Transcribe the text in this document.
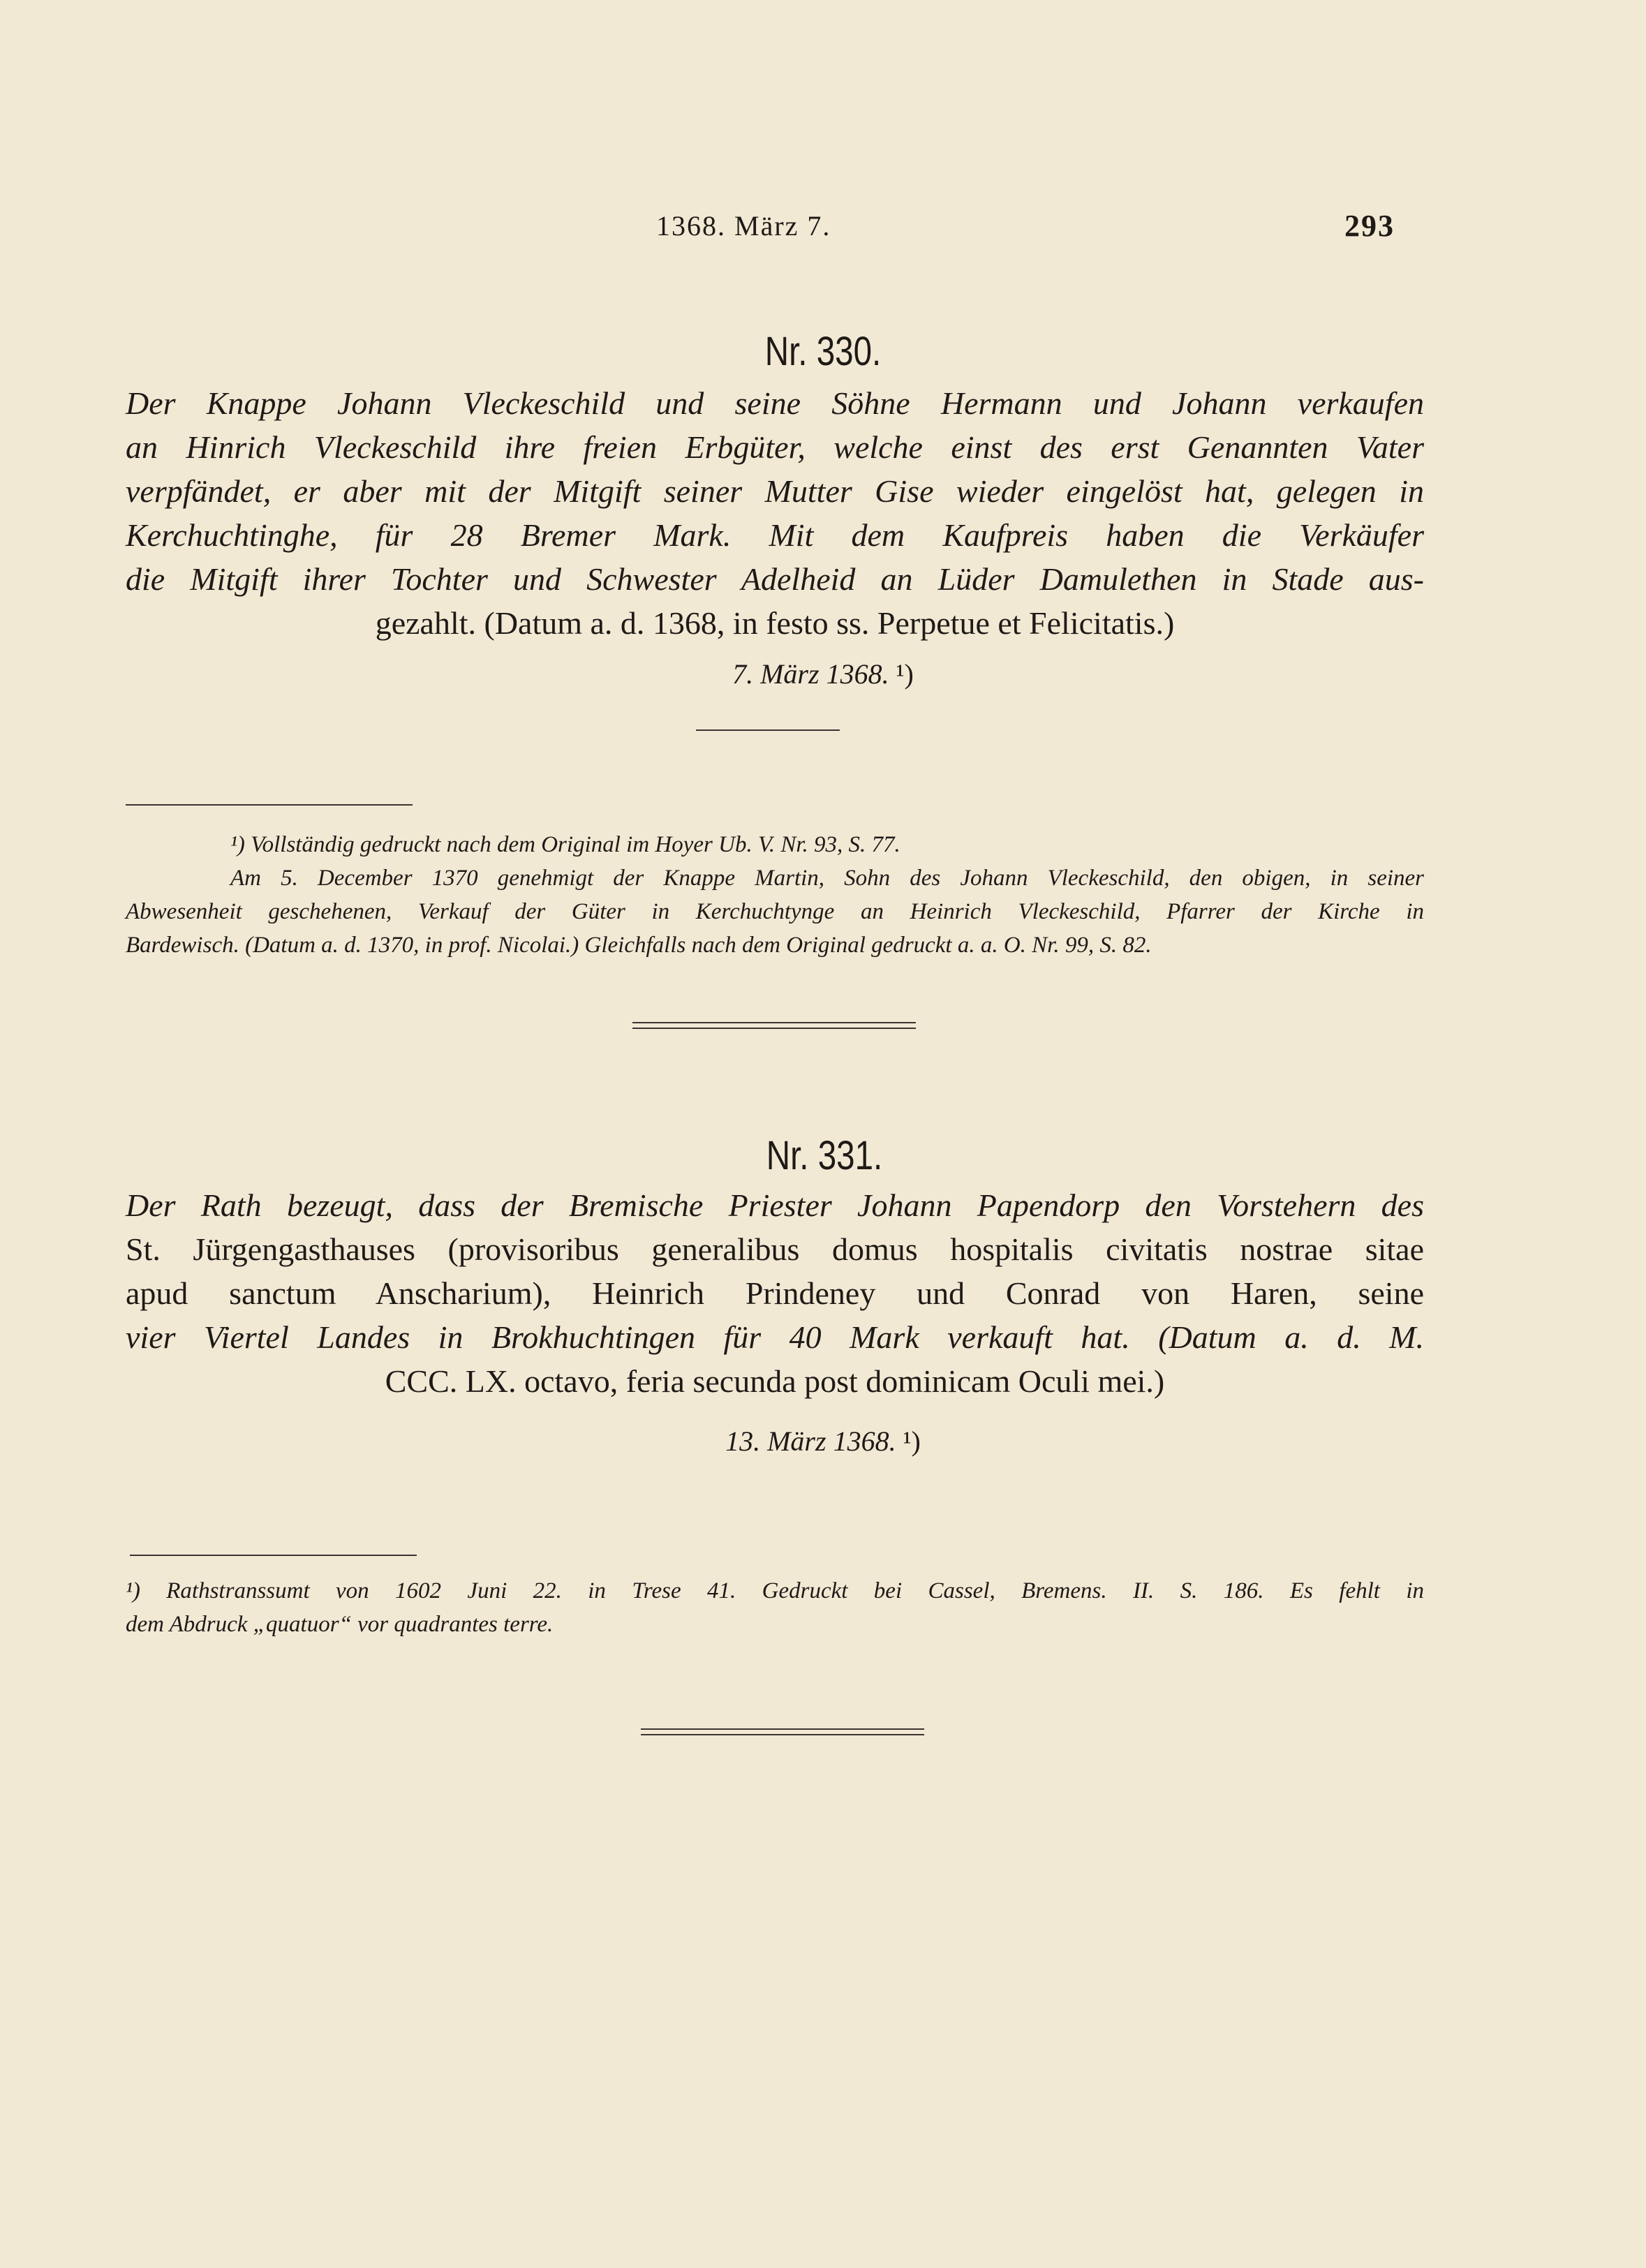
1368. März 7.	293
Nr. 330.
Der Knappe Johann Vleckeschild und seine Söhne Hermann und Johann verkaufen
an Hinrich Vleckeschild ihre freien Erbgüter, welche einst des erst Genannten Vater
verpfändet, er aber mit der Mitgift seiner Mutter Gise wieder eingelöst hat, gelegen in
Kerchuchtinghe, für 28 Bremer Mark. Mit dem Kaufpreis haben die Verkäufer
die Mitgift ihrer Tochter und Schwester Adelheid an Lüder Damulethen in Stade aus-
gezahlt. (Datum a. d. 1368, in festo ss. Perpetue et Felicitatis.)
7. März 1368. ¹)
¹) Vollständig gedruckt nach dem Original im Hoyer Ub. V. Nr. 93, S. 77.
Am 5. December 1370 genehmigt der Knappe Martin, Sohn des Johann Vleckeschild, den obigen, in seiner
Abwesenheit geschehenen, Verkauf der Güter in Kerchuchtynge an Heinrich Vleckeschild, Pfarrer der Kirche in
Bardewisch. (Datum a. d. 1370, in prof. Nicolai.) Gleichfalls nach dem Original gedruckt a. a. O. Nr. 99, S. 82.
Nr. 331.
Der Rath bezeugt, dass der Bremische Priester Johann Papendorp den Vorstehern des
St. Jürgengasthauses (provisoribus generalibus domus hospitalis civitatis nostrae sitae
apud sanctum Anscharium), Heinrich Prindeney und Conrad von Haren, seine
vier Viertel Landes in Brokhuchtingen für 40 Mark verkauft hat. (Datum a. d. M.
CCC. LX. octavo, feria secunda post dominicam Oculi mei.)
13. März 1368. ¹)
¹) Rathstranssumt von 1602 Juni 22. in Trese 41. Gedruckt bei Cassel, Bremens. II. S. 186. Es fehlt in
dem Abdruck „quatuor“ vor quadrantes terre.
